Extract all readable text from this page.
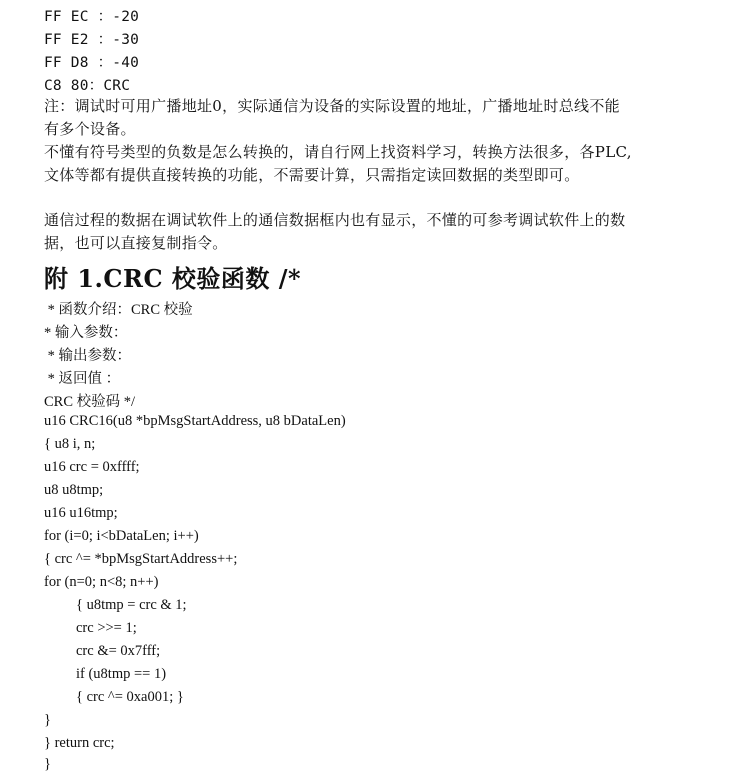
FF EC ：-20
FF E2 ：-30
FF D8 ：-40
C8 80：CRC
注：调试时可用广播地址0，实际通信为设备的实际设置的地址，广播地址时总线不能
有多个设备。
不懂有符号类型的负数是怎么转换的，请自行网上找资料学习，转换方法很多，各PLC,
文体等都有提供直接转换的功能，不需要计算，只需指定读回数据的类型即可。
通信过程的数据在调试软件上的通信数据框内也有显示，不懂的可参考调试软件上的数
据，也可以直接复制指令。
附 1.CRC 校验函数 /*
* 函数介绍：CRC 校验
* 输入参数：
* 输出参数：
* 返回值 ：
CRC 校验码 */
u16 CRC16(u8 *bpMsgStartAddress, u8 bDataLen)
{ u8 i, n;
u16 crc = 0xffff;
u8 u8tmp;
u16 u16tmp;
for (i=0; i<bDataLen; i++)
{ crc ^= *bpMsgStartAddress++;
for (n=0; n<8; n++)
{ u8tmp = crc & 1;
crc >>= 1;
crc &= 0x7fff;
if (u8tmp == 1)
{ crc ^= 0xa001; }
}
} return crc;
}
